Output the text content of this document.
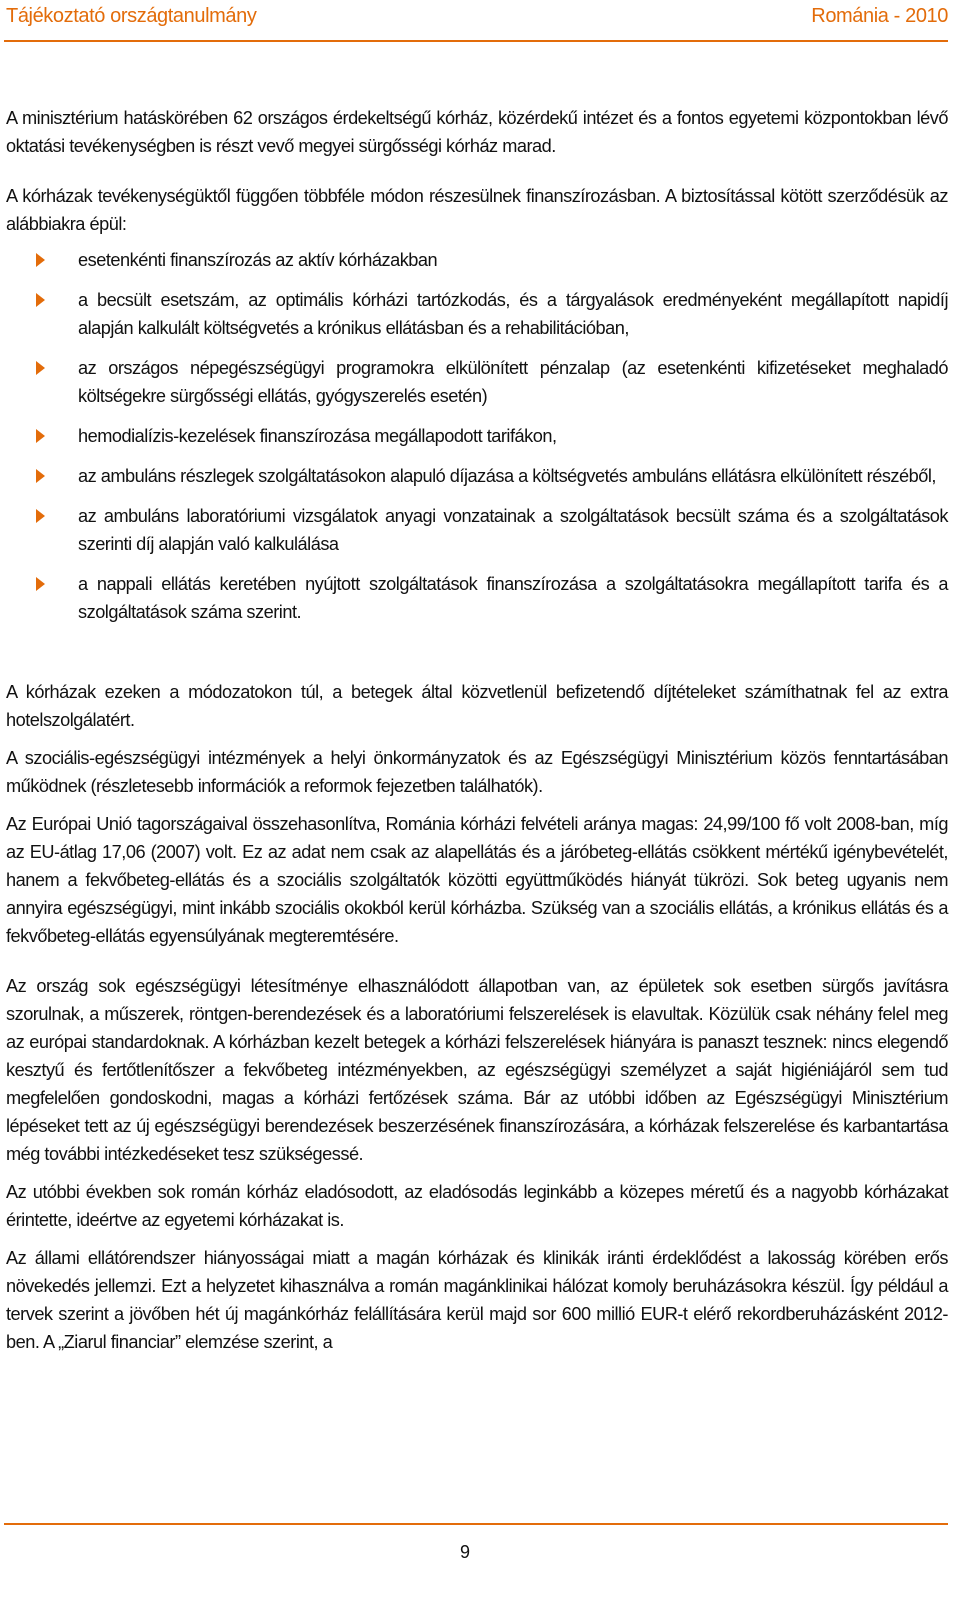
Tájékoztató országtanulmány	Románia - 2010

A minisztérium hatáskörében 62 országos érdekeltségű kórház, közérdekű intézet és a fontos egyetemi központokban lévő oktatási tevékenységben is részt vevő megyei sürgősségi kórház marad.

A kórházak tevékenységüktől függően többféle módon részesülnek finanszírozásban. A biztosítással kötött szerződésük az alábbiakra épül:

esetenkénti finanszírozás az aktív kórházakban
a becsült esetszám, az optimális kórházi tartózkodás, és a tárgyalások eredményeként megállapított napidíj alapján kalkulált költségvetés a krónikus ellátásban és a rehabilitációban,
az országos népegészségügyi programokra elkülönített pénzalap (az esetenkénti kifizetéseket meghaladó költségekre sürgősségi ellátás, gyógyszerelés esetén)
hemodialízis-kezelések finanszírozása megállapodott tarifákon,
az ambuláns részlegek szolgáltatásokon alapuló díjazása a költségvetés ambuláns ellátásra elkülönített részéből,
az ambuláns laboratóriumi vizsgálatok anyagi vonzatainak a szolgáltatások becsült száma és a szolgáltatások szerinti díj alapján való kalkulálása
a nappali ellátás keretében nyújtott szolgáltatások finanszírozása a szolgáltatásokra megállapított tarifa és a szolgáltatások száma szerint.

A kórházak ezeken a módozatokon túl, a betegek által közvetlenül befizetendő díjtételeket számíthatnak fel az extra hotelszolgálatért.

A szociális-egészségügyi intézmények a helyi önkormányzatok és az Egészségügyi Minisztérium közös fenntartásában működnek (részletesebb információk a reformok fejezetben találhatók).

Az Európai Unió tagországaival összehasonlítva, Románia kórházi felvételi aránya magas: 24,99/100 fő volt 2008-ban, míg az EU-átlag 17,06 (2007) volt. Ez az adat nem csak az alapellátás és a járóbeteg-ellátás csökkent mértékű igénybevételét, hanem a fekvőbeteg-ellátás és a szociális szolgáltatók közötti együttműködés hiányát tükrözi. Sok beteg ugyanis nem annyira egészségügyi, mint inkább szociális okokból kerül kórházba. Szükség van a szociális ellátás, a krónikus ellátás és a fekvőbeteg-ellátás egyensúlyának megteremtésére.

Az ország sok egészségügyi létesítménye elhasználódott állapotban van, az épületek sok esetben sürgős javításra szorulnak, a műszerek, röntgen-berendezések és a laboratóriumi felszerelések is elavultak. Közülük csak néhány felel meg az európai standardoknak. A kórházban kezelt betegek a kórházi felszerelések hiányára is panaszt tesznek: nincs elegendő kesztyű és fertőtlenítőszer a fekvőbeteg intézményekben, az egészségügyi személyzet a saját higiéniájáról sem tud megfelelően gondoskodni, magas a kórházi fertőzések száma. Bár az utóbbi időben az Egészségügyi Minisztérium lépéseket tett az új egészségügyi berendezések beszerzésének finanszírozására, a kórházak felszerelése és karbantartása még további intézkedéseket tesz szükségessé.

Az utóbbi években sok román kórház eladósodott, az eladósodás leginkább a közepes méretű és a nagyobb kórházakat érintette, ideértve az egyetemi kórházakat is.

Az állami ellátórendszer hiányosságai miatt a magán kórházak és klinikák iránti érdeklődést a lakosság körében erős növekedés jellemzi. Ezt a helyzetet kihasználva a román magánklinikai hálózat komoly beruházásokra készül. Így például a tervek szerint a jövőben hét új magánkórház felállítására kerül majd sor 600 millió EUR-t elérő rekordberuházásként 2012-ben. A „Ziarul financiar” elemzése szerint, a

9
